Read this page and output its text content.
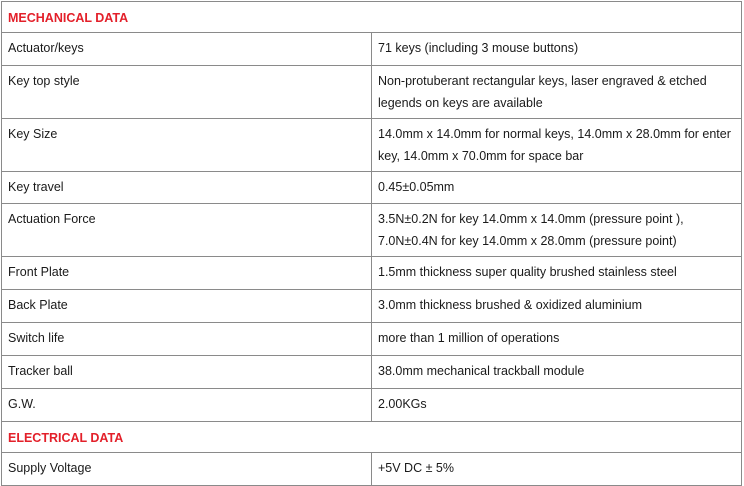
MECHANICAL DATA	
Actuator/keys	71 keys (including 3 mouse buttons)
Key top style	Non-protuberant rectangular keys, laser engraved & etched legends on keys are available
Key Size	14.0mm x 14.0mm for normal keys, 14.0mm x 28.0mm for enter key, 14.0mm x 70.0mm for space bar
Key travel	0.45±0.05mm
Actuation Force	3.5N±0.2N for key 14.0mm x 14.0mm (pressure point ), 7.0N±0.4N for key 14.0mm x 28.0mm (pressure point)
Front Plate	1.5mm thickness super quality brushed stainless steel
Back Plate	3.0mm thickness brushed & oxidized aluminium
Switch life	more than 1 million of operations
Tracker ball	38.0mm mechanical trackball module
G.W.	2.00KGs
ELECTRICAL DATA	
Supply Voltage	+5V DC ± 5%
